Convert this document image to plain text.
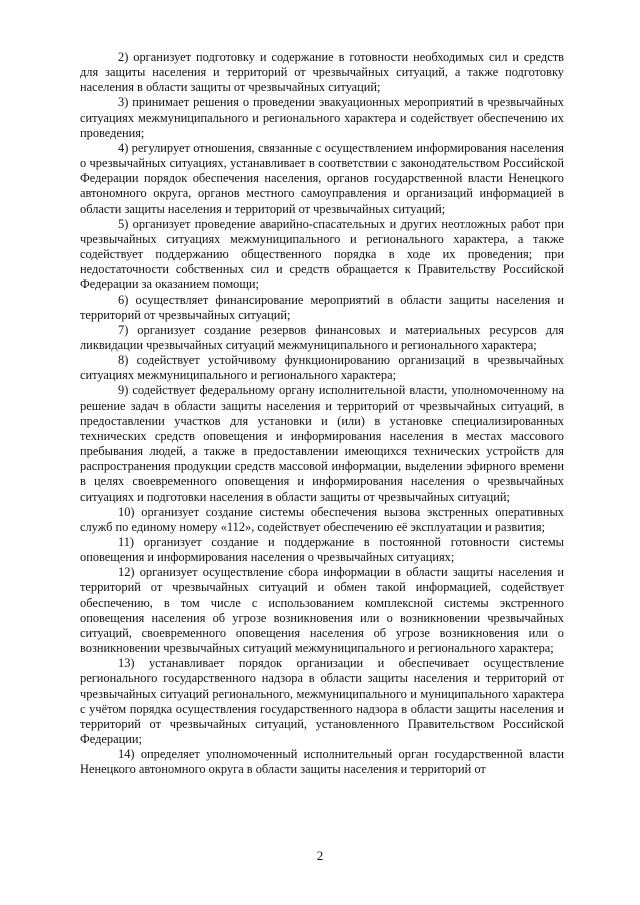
2) организует подготовку и содержание в готовности необходимых сил и средств для защиты населения и территорий от чрезвычайных ситуаций, а также подготовку населения в области защиты от чрезвычайных ситуаций;

3) принимает решения о проведении эвакуационных мероприятий в чрезвычайных ситуациях межмуниципального и регионального характера и содействует обеспечению их проведения;

4) регулирует отношения, связанные с осуществлением информирования населения о чрезвычайных ситуациях, устанавливает в соответствии с законодательством Российской Федерации порядок обеспечения населения, органов государственной власти Ненецкого автономного округа, органов местного самоуправления и организаций информацией в области защиты населения и территорий от чрезвычайных ситуаций;

5) организует проведение аварийно-спасательных и других неотложных работ при чрезвычайных ситуациях межмуниципального и регионального характера, а также содействует поддержанию общественного порядка в ходе их проведения; при недостаточности собственных сил и средств обращается к Правительству Российской Федерации за оказанием помощи;

6) осуществляет финансирование мероприятий в области защиты населения и территорий от чрезвычайных ситуаций;

7) организует создание резервов финансовых и материальных ресурсов для ликвидации чрезвычайных ситуаций межмуниципального и регионального характера;

8) содействует устойчивому функционированию организаций в чрезвычайных ситуациях межмуниципального и регионального характера;

9) содействует федеральному органу исполнительной власти, уполномоченному на решение задач в области защиты населения и территорий от чрезвычайных ситуаций, в предоставлении участков для установки и (или) в установке специализированных технических средств оповещения и информирования населения в местах массового пребывания людей, а также в предоставлении имеющихся технических устройств для распространения продукции средств массовой информации, выделении эфирного времени в целях своевременного оповещения и информирования населения о чрезвычайных ситуациях и подготовки населения в области защиты от чрезвычайных ситуаций;

10) организует создание системы обеспечения вызова экстренных оперативных служб по единому номеру «112», содействует обеспечению её эксплуатации и развития;

11) организует создание и поддержание в постоянной готовности системы оповещения и информирования населения о чрезвычайных ситуациях;

12) организует осуществление сбора информации в области защиты населения и территорий от чрезвычайных ситуаций и обмен такой информацией, содействует обеспечению, в том числе с использованием комплексной системы экстренного оповещения населения об угрозе возникновения или о возникновении чрезвычайных ситуаций, своевременного оповещения населения об угрозе возникновения или о возникновении чрезвычайных ситуаций межмуниципального и регионального характера;

13) устанавливает порядок организации и обеспечивает осуществление регионального государственного надзора в области защиты населения и территорий от чрезвычайных ситуаций регионального, межмуниципального и муниципального характера с учётом порядка осуществления государственного надзора в области защиты населения и территорий от чрезвычайных ситуаций, установленного Правительством Российской Федерации;

14) определяет уполномоченный исполнительный орган государственной власти Ненецкого автономного округа в области защиты населения и территорий от

2
